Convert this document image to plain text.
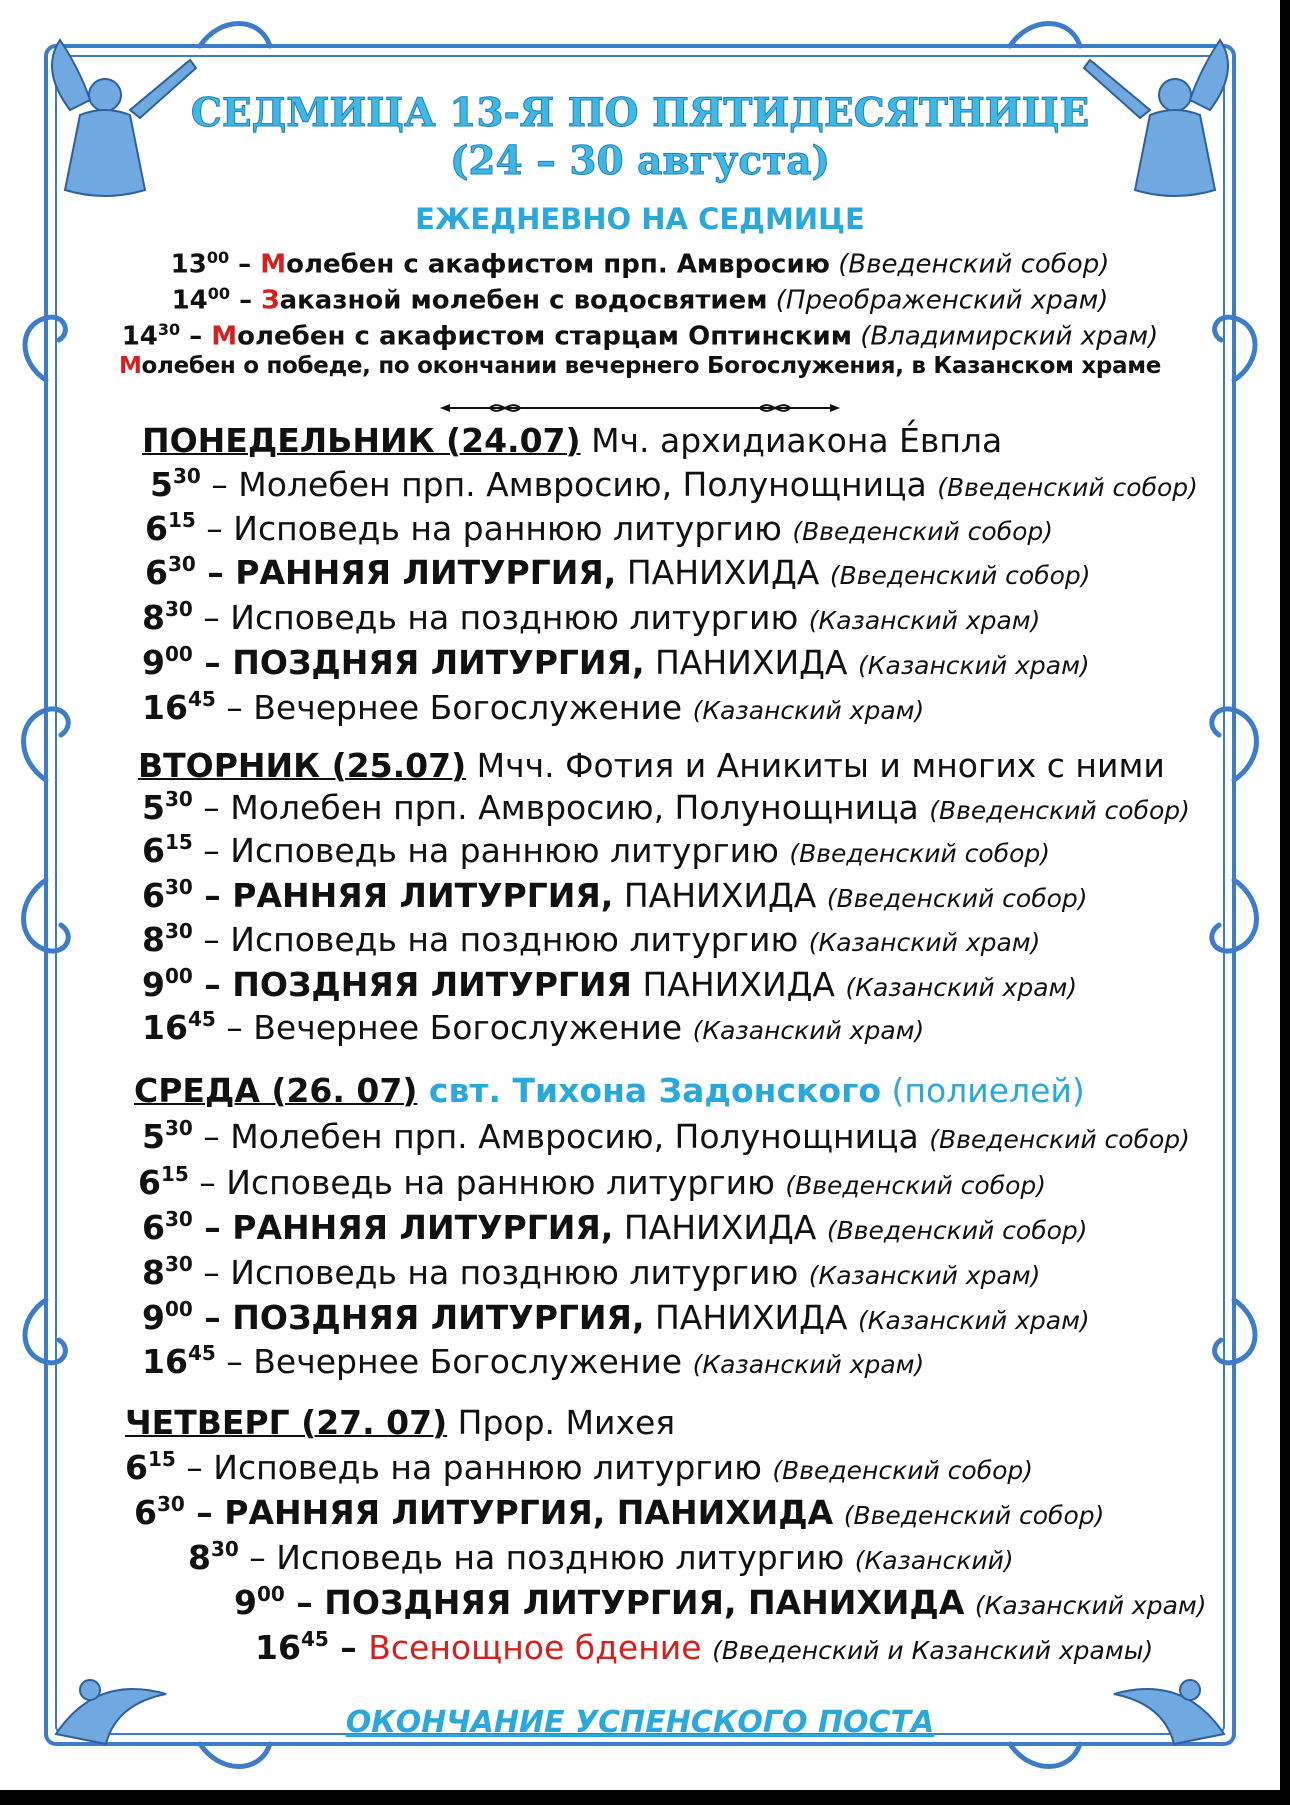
СЕДМИЦА 13-Я ПО ПЯТИДЕСЯТНИЦЕ
(24 – 30 августа)
ЕЖЕДНЕВНО НА СЕДМИЦЕ
$13^{00}$ – Молебен с акафистом прп. Амвросию (Введенский собор)
$14^{00}$ – Заказной молебен с водосвятием (Преображенский храм)
$14^{30}$ – Молебен с акафистом старцам Оптинским (Владимирский храм)
Молебен о победе, по окончании вечернего Богослужения, в Казанском храме
ПОНЕДЕЛЬНИК (24.07) Мч. архидиакона Е́впла
$5^{30}$ – Молебен прп. Амвросию, Полунощница (Введенский собор)
$6^{15}$ – Исповедь на раннюю литургию (Введенский собор)
$6^{30}$ – РАННЯЯ ЛИТУРГИЯ, ПАНИХИДА (Введенский собор)
$8^{30}$ – Исповедь на позднюю литургию (Казанский храм)
$9^{00}$ – ПОЗДНЯЯ ЛИТУРГИЯ, ПАНИХИДА (Казанский храм)
$16^{45}$ – Вечернее Богослужение (Казанский храм)
ВТОРНИК (25.07) Мчч. Фотия и Аникиты и многих с ними
$5^{30}$ – Молебен прп. Амвросию, Полунощница (Введенский собор)
$6^{15}$ – Исповедь на раннюю литургию (Введенский собор)
$6^{30}$ – РАННЯЯ ЛИТУРГИЯ, ПАНИХИДА (Введенский собор)
$8^{30}$ – Исповедь на позднюю литургию (Казанский храм)
$9^{00}$ – ПОЗДНЯЯ ЛИТУРГИЯ ПАНИХИДА (Казанский храм)
$16^{45}$ – Вечернее Богослужение (Казанский храм)
СРЕДА (26. 07) свт. Тихона Задонского (полиелей)
$5^{30}$ – Молебен прп. Амвросию, Полунощница (Введенский собор)
$6^{15}$ – Исповедь на раннюю литургию (Введенский собор)
$6^{30}$ – РАННЯЯ ЛИТУРГИЯ, ПАНИХИДА (Введенский собор)
$8^{30}$ – Исповедь на позднюю литургию (Казанский храм)
$9^{00}$ – ПОЗДНЯЯ ЛИТУРГИЯ, ПАНИХИДА (Казанский храм)
$16^{45}$ – Вечернее Богослужение (Казанский храм)
ЧЕТВЕРГ (27. 07) Прор. Михея
$6^{15}$ – Исповедь на раннюю литургию (Введенский собор)
$6^{30}$ – РАННЯЯ ЛИТУРГИЯ, ПАНИХИДА (Введенский собор)
$8^{30}$ – Исповедь на позднюю литургию (Казанский)
$9^{00}$ – ПОЗДНЯЯ ЛИТУРГИЯ, ПАНИХИДА (Казанский храм)
$16^{45}$ – Всенощное бдение (Введенский и Казанский храмы)
ОКОНЧАНИЕ УСПЕНСКОГО ПОСТА
